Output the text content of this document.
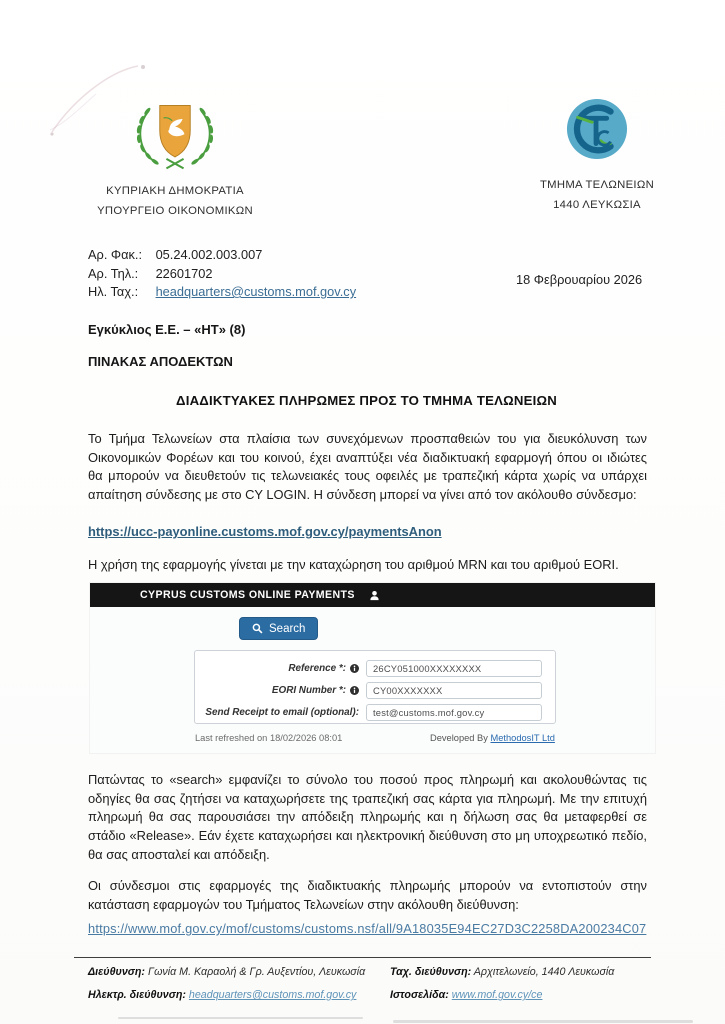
ΚΥΠΡΙΑΚΗ ΔΗΜΟΚΡΑΤΙΑ
ΥΠΟΥΡΓΕΙΟ ΟΙΚΟΝΟΜΙΚΩΝ
ΤΜΗΜΑ ΤΕΛΩΝΕΙΩΝ
1440 ΛΕΥΚΩΣΙΑ
Αρ. Φακ.: 05.24.002.003.007
Αρ. Τηλ.: 22601702
Ηλ. Ταχ.: headquarters@customs.mof.gov.cy
18 Φεβρουαρίου 2026
Εγκύκλιος Ε.Ε. – «ΗΤ» (8)
ΠΙΝΑΚΑΣ ΑΠΟΔΕΚΤΩΝ
ΔΙΑΔΙΚΤΥΑΚΕΣ ΠΛΗΡΩΜΕΣ ΠΡΟΣ ΤΟ ΤΜΗΜΑ ΤΕΛΩΝΕΙΩΝ
Το Τμήμα Τελωνείων στα πλαίσια των συνεχόμενων προσπαθειών του για διευκόλυνση των Οικονομικών Φορέων και του κοινού, έχει αναπτύξει νέα διαδικτυακή εφαρμογή όπου οι ιδιώτες θα μπορούν να διευθετούν τις τελωνειακές τους οφειλές με τραπεζική κάρτα χωρίς να υπάρχει απαίτηση σύνδεσης με στο CY LOGIN. Η σύνδεση μπορεί να γίνει από τον ακόλουθο σύνδεσμο:
https://ucc-payonline.customs.mof.gov.cy/paymentsAnon
Η χρήση της εφαρμογής γίνεται με την καταχώρηση του αριθμού MRN και του αριθμού EORI.
CYPRUS CUSTOMS ONLINE PAYMENTS
Search
Reference *:	26CY051000XXXXXXXX
EORI Number *:	CY00XXXXXXX
Send Receipt to email (optional):	test@customs.mof.gov.cy
Last refreshed on 18/02/2026 08:01	Developed By MethodosIT Ltd
Πατώντας το «search» εμφανίζει το σύνολο του ποσού προς πληρωμή και ακολουθώντας τις οδηγίες θα σας ζητήσει να καταχωρήσετε της τραπεζική σας κάρτα για πληρωμή. Με την επιτυχή πληρωμή θα σας παρουσιάσει την απόδειξη πληρωμής και η δήλωση σας θα μεταφερθεί σε στάδιο «Release». Εάν έχετε καταχωρήσει και ηλεκτρονική διεύθυνση στο μη υποχρεωτικό πεδίο, θα σας αποσταλεί και απόδειξη.
Οι σύνδεσμοι στις εφαρμογές της διαδικτυακής πληρωμής μπορούν να εντοπιστούν στην κατάσταση εφαρμογών του Τμήματος Τελωνείων στην ακόλουθη διεύθυνση:
https://www.mof.gov.cy/mof/customs/customs.nsf/all/9A18035E94EC27D3C2258DA200234C07
Διεύθυνση: Γωνία Μ. Καραολή & Γρ. Αυξεντίου, Λευκωσία Ταχ. διεύθυνση: Αρχιτελωνείο, 1440 Λευκωσία
Ηλεκτρ. διεύθυνση: headquarters@customs.mof.gov.cy	Ιστοσελίδα: www.mof.gov.cy/ce
